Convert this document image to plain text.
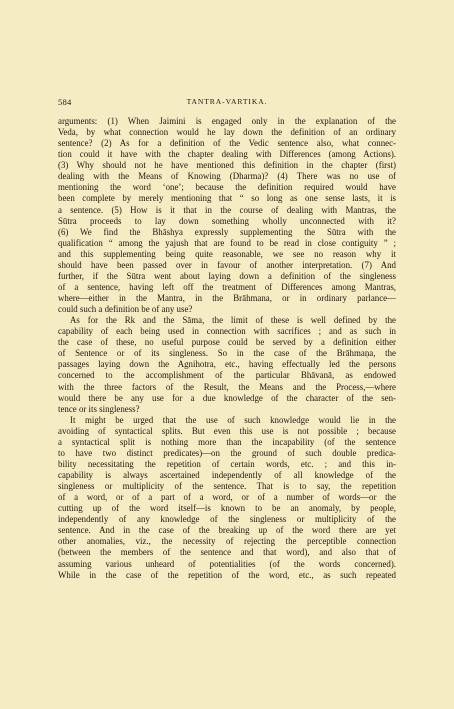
584	TANTRA-VARTIKA.
arguments: (1) When Jaimini is engaged only in the explanation of the
Veda, by what connection would he lay down the definition of an ordinary
sentence? (2) As for a definition of the Vedic sentence also, what connec-
tion could it have with the chapter dealing with Differences (among Actions).
(3) Why should not he have mentioned this definition in the chapter (first)
dealing with the Means of Knowing (Dharma)? (4) There was no use of
mentioning the word ‘one’; because the definition required would have
been complete by merely mentioning that “ so long as one sense lasts, it is
a sentence. (5) How is it that in the course of dealing with Mantras, the
Sūtra proceeds to lay down something wholly unconnected with it?
(6) We find the Bhāshya expressly supplementing the Sūtra with the
qualification “ among the yajush that are found to be read in close contiguity ” ;
and this supplementing being quite reasonable, we see no reason why it
should have been passed over in favour of another interpretation. (7) And
further, if the Sūtra went about laying down a definition of the singleness
of a sentence, having left off the treatment of Differences among Mantras,
where—either in the Mantra, in the Brāhmana, or in ordinary parlance—
could such a definition be of any use?
As for the Rk and the Sāma, the limit of these is well defined by the
capability of each being used in connection with sacrifices ; and as such in
the case of these, no useful purpose could be served by a definition either
of Sentence or of its singleness. So in the case of the Brāhmaṇa, the
passages laying down the Agnihotra, etc., having effectually led the persons
concerned to the accomplishment of the particular Bhāvanā, as endowed
with the three factors of the Result, the Means and the Process,—where
would there be any use for a due knowledge of the character of the sen-
tence or its singleness?
It might be urged that the use of such knowledge would lie in the
avoiding of syntactical splits. But even this use is not possible ; because
a syntactical split is nothing more than the incapability (of the sentence
to have two distinct predicates)—on the ground of such double predica-
bility necessitating the repetition of certain words, etc. ; and this in-
capability is always ascertained independently of all knowledge of the
singleness or multiplicity of the sentence. That is to say, the repetition
of a word, or of a part of a word, or of a number of words—or the
cutting up of the word itself—is known to be an anomaly, by people,
independently of any knowledge of the singleness or multiplicity of the
sentence. And in the case of the breaking up of the word there are yet
other anomalies, viz., the necessity of rejecting the perceptible connection
(between the members of the sentence and that word), and also that of
assuming various unheard of potentialities (of the words concerned).
While in the case of the repetition of the word, etc., as such repeated
